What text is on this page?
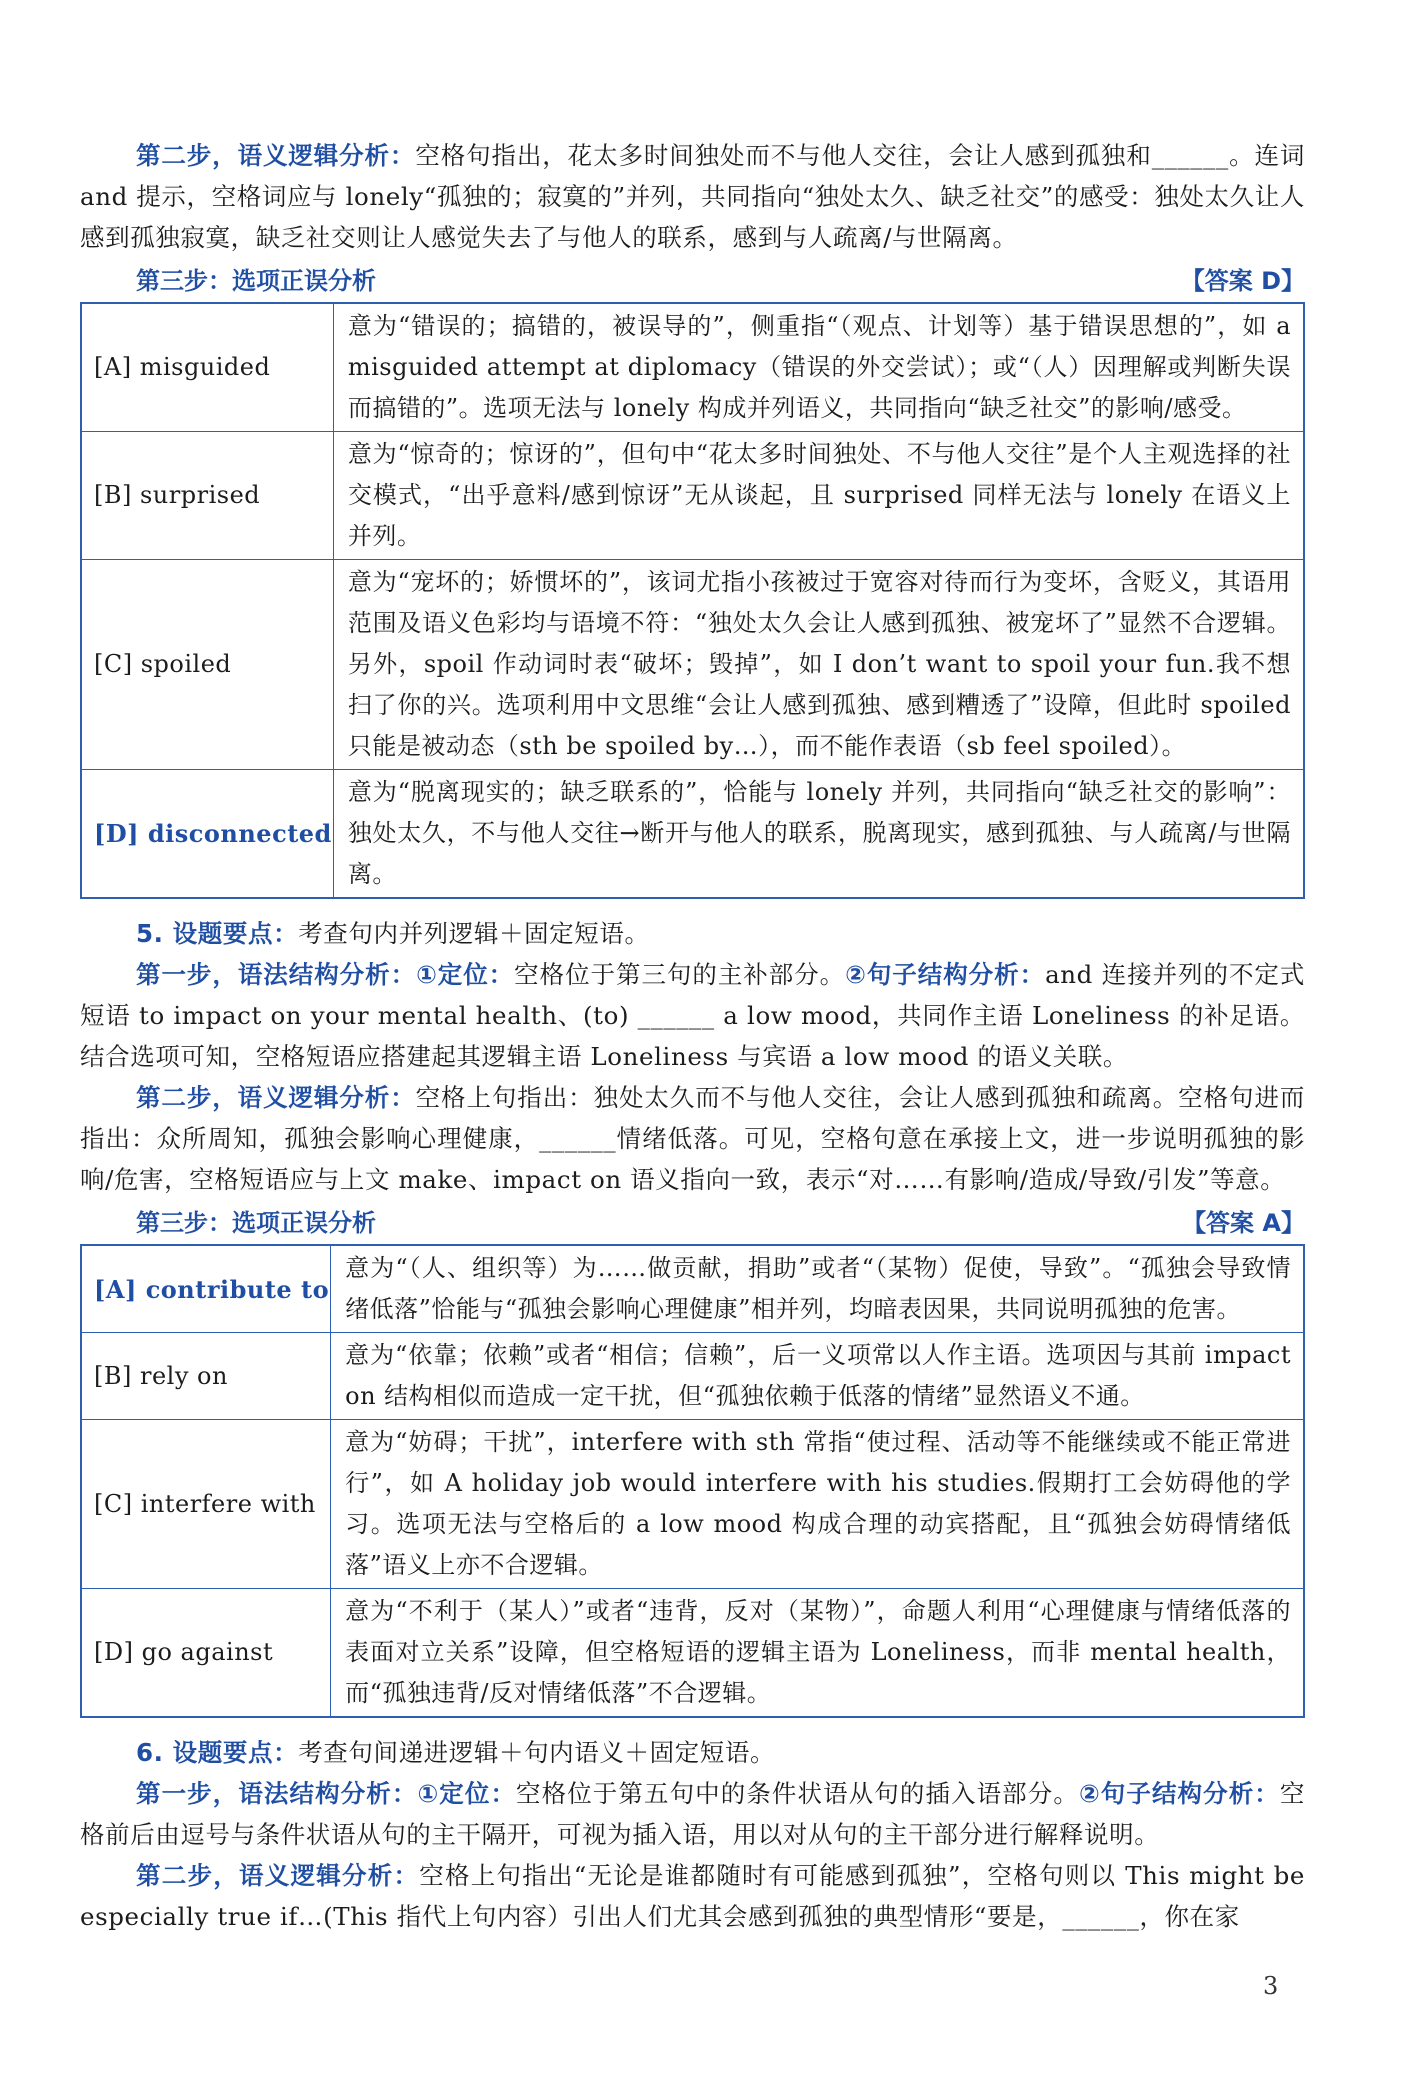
第二步，语义逻辑分析：空格句指出，花太多时间独处而不与他人交往，会让人感到孤独和______。连词 and 提示，空格词应与 lonely“孤独的；寂寞的”并列，共同指向“独处太久、缺乏社交”的感受：独处太久让人感到孤独寂寞，缺乏社交则让人感觉失去了与他人的联系，感到与人疏离/与世隔离。

第三步：选项正误分析	【答案 D】
[A] misguided	意为“错误的；搞错的，被误导的”，侧重指“（观点、计划等）基于错误思想的”，如 a misguided attempt at diplomacy（错误的外交尝试）；或“（人）因理解或判断失误而搞错的”。选项无法与 lonely 构成并列语义，共同指向“缺乏社交”的影响/感受。
[B] surprised	意为“惊奇的；惊讶的”，但句中“花太多时间独处、不与他人交往”是个人主观选择的社交模式，“出乎意料/感到惊讶”无从谈起，且 surprised 同样无法与 lonely 在语义上并列。
[C] spoiled	意为“宠坏的；娇惯坏的”，该词尤指小孩被过于宽容对待而行为变坏，含贬义，其语用范围及语义色彩均与语境不符：“独处太久会让人感到孤独、被宠坏了”显然不合逻辑。另外，spoil 作动词时表“破坏；毁掉”，如 I don’t want to spoil your fun.我不想扫了你的兴。选项利用中文思维“会让人感到孤独、感到糟透了”设障，但此时 spoiled 只能是被动态（sth be spoiled by…），而不能作表语（sb feel spoiled）。
[D] disconnected	意为“脱离现实的；缺乏联系的”，恰能与 lonely 并列，共同指向“缺乏社交的影响”：独处太久，不与他人交往→断开与他人的联系，脱离现实，感到孤独、与人疏离/与世隔离。

5. 设题要点：考查句内并列逻辑＋固定短语。

第一步，语法结构分析：①定位：空格位于第三句的主补部分。②句子结构分析：and 连接并列的不定式短语 to impact on your mental health、(to) ______ a low mood，共同作主语 Loneliness 的补足语。结合选项可知，空格短语应搭建起其逻辑主语 Loneliness 与宾语 a low mood 的语义关联。

第二步，语义逻辑分析：空格上句指出：独处太久而不与他人交往，会让人感到孤独和疏离。空格句进而指出：众所周知，孤独会影响心理健康，______情绪低落。可见，空格句意在承接上文，进一步说明孤独的影响/危害，空格短语应与上文 make、impact on 语义指向一致，表示“对……有影响/造成/导致/引发”等意。

第三步：选项正误分析	【答案 A】
[A] contribute to	意为“（人、组织等）为……做贡献，捐助”或者“（某物）促使，导致”。“孤独会导致情绪低落”恰能与“孤独会影响心理健康”相并列，均暗表因果，共同说明孤独的危害。
[B] rely on	意为“依靠；依赖”或者“相信；信赖”，后一义项常以人作主语。选项因与其前 impact on 结构相似而造成一定干扰，但“孤独依赖于低落的情绪”显然语义不通。
[C] interfere with	意为“妨碍；干扰”，interfere with sth 常指“使过程、活动等不能继续或不能正常进行”，如 A holiday job would interfere with his studies.假期打工会妨碍他的学习。选项无法与空格后的 a low mood 构成合理的动宾搭配，且“孤独会妨碍情绪低落”语义上亦不合逻辑。
[D] go against	意为“不利于（某人）”或者“违背，反对（某物）”，命题人利用“心理健康与情绪低落的表面对立关系”设障，但空格短语的逻辑主语为 Loneliness，而非 mental health，而“孤独违背/反对情绪低落”不合逻辑。

6. 设题要点：考查句间递进逻辑＋句内语义＋固定短语。

第一步，语法结构分析：①定位：空格位于第五句中的条件状语从句的插入语部分。②句子结构分析：空格前后由逗号与条件状语从句的主干隔开，可视为插入语，用以对从句的主干部分进行解释说明。

第二步，语义逻辑分析：空格上句指出“无论是谁都随时有可能感到孤独”，空格句则以 This might be especially true if…(This 指代上句内容）引出人们尤其会感到孤独的典型情形“要是，______，你在家

3
